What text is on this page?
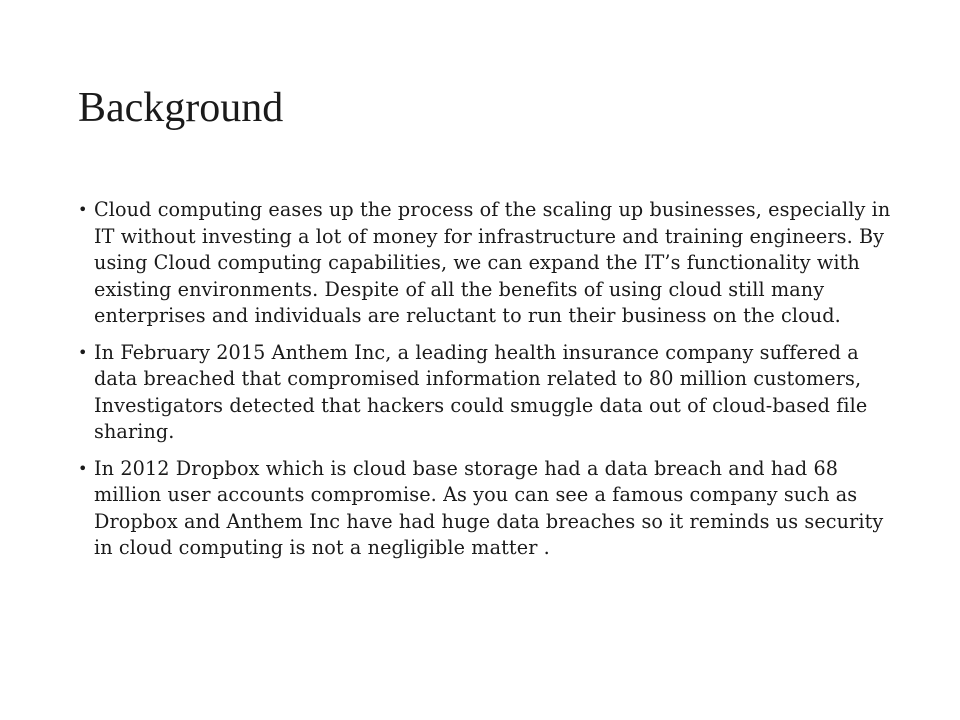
Background
• Cloud computing eases up the process of the scaling up businesses, especially in IT without investing a lot of money for infrastructure and training engineers. By using Cloud computing capabilities, we can expand the IT’s functionality with existing environments. Despite of all the benefits of using cloud still many enterprises and individuals are reluctant to run their business on the cloud.
• In February 2015 Anthem Inc, a leading health insurance company suffered a data breached that compromised information related to 80 million customers, Investigators detected that hackers could smuggle data out of cloud-based file sharing.
• In 2012 Dropbox which is cloud base storage had a data breach and had 68 million user accounts compromise. As you can see a famous company such as Dropbox and Anthem Inc have had huge data breaches so it reminds us security in cloud computing is not a negligible matter .
